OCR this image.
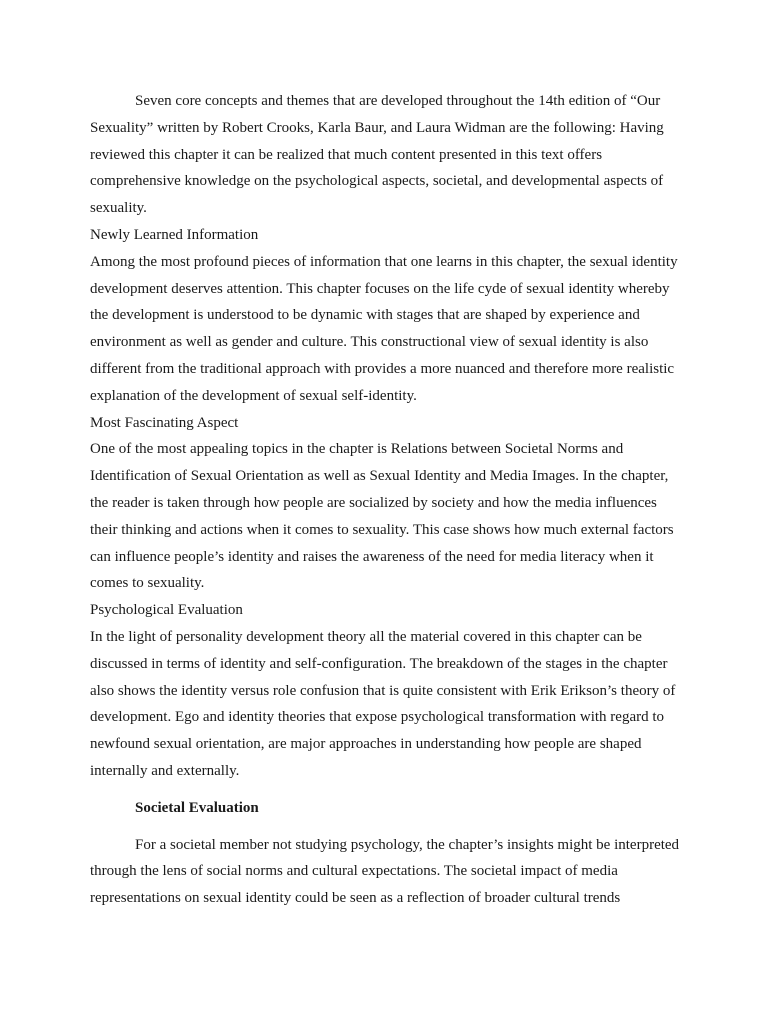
Seven core concepts and themes that are developed throughout the 14th edition of “Our Sexuality” written by Robert Crooks, Karla Baur, and Laura Widman are the following: Having reviewed this chapter it can be realized that much content presented in this text offers comprehensive knowledge on the psychological aspects, societal, and developmental aspects of sexuality.

Newly Learned Information

Among the most profound pieces of information that one learns in this chapter, the sexual identity development deserves attention. This chapter focuses on the life cyde of sexual identity whereby the development is understood to be dynamic with stages that are shaped by experience and environment as well as gender and culture. This constructional view of sexual identity is also different from the traditional approach with provides a more nuanced and therefore more realistic explanation of the development of sexual self-identity.

Most Fascinating Aspect

One of the most appealing topics in the chapter is Relations between Societal Norms and Identification of Sexual Orientation as well as Sexual Identity and Media Images. In the chapter, the reader is taken through how people are socialized by society and how the media influences their thinking and actions when it comes to sexuality. This case shows how much external factors can influence people’s identity and raises the awareness of the need for media literacy when it comes to sexuality.

Psychological Evaluation

In the light of personality development theory all the material covered in this chapter can be discussed in terms of identity and self-configuration. The breakdown of the stages in the chapter also shows the identity versus role confusion that is quite consistent with Erik Erikson’s theory of development. Ego and identity theories that expose psychological transformation with regard to newfound sexual orientation, are major approaches in understanding how people are shaped internally and externally.

Societal Evaluation

For a societal member not studying psychology, the chapter’s insights might be interpreted through the lens of social norms and cultural expectations. The societal impact of media representations on sexual identity could be seen as a reflection of broader cultural trends
